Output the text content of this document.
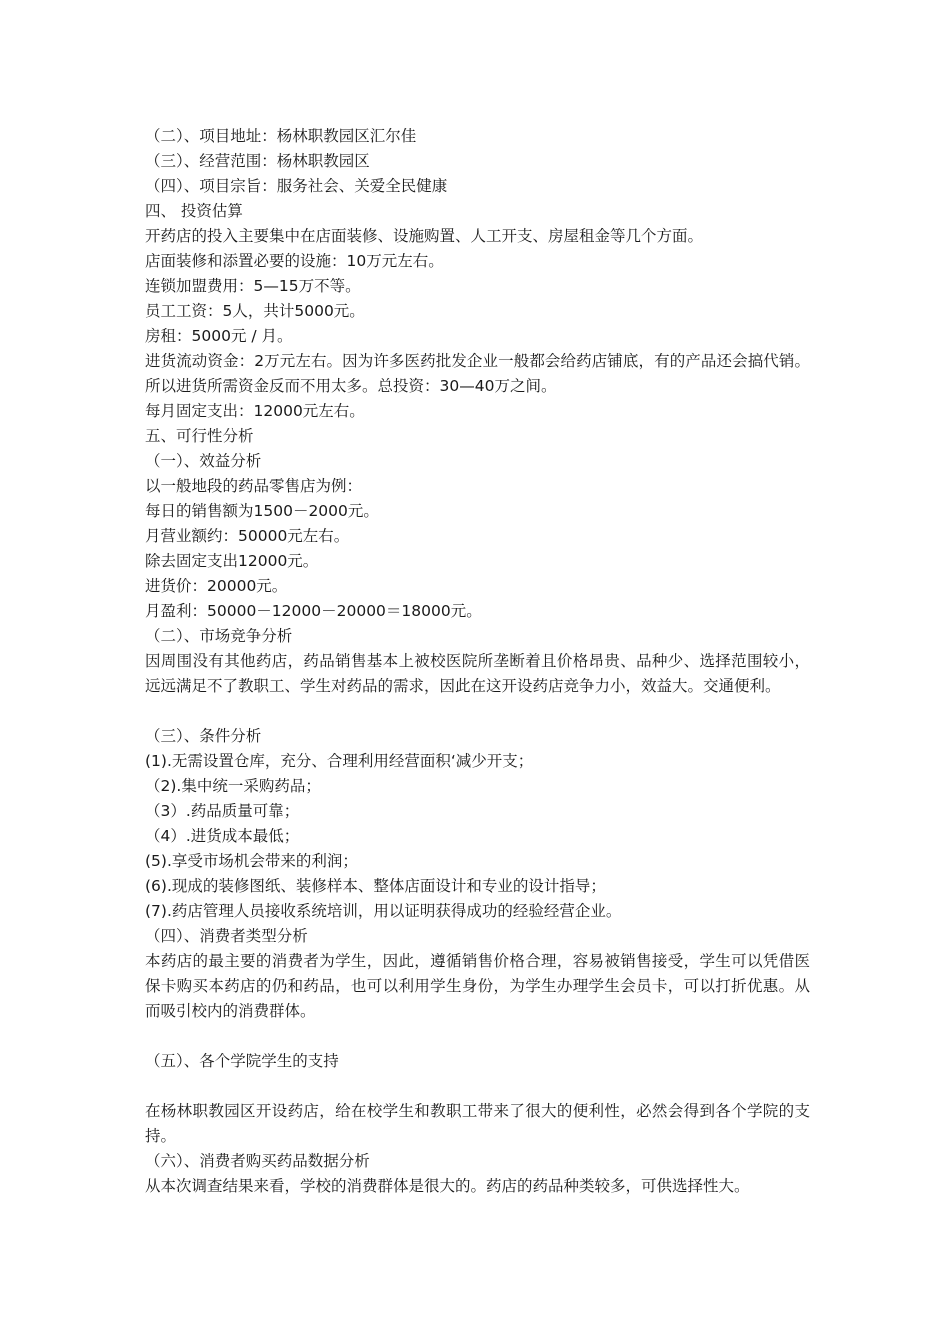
（二）、项目地址：杨林职教园区汇尔佳
（三）、经营范围：杨林职教园区
（四）、项目宗旨：服务社会、关爱全民健康
四、 投资估算
开药店的投入主要集中在店面装修、设施购置、人工开支、房屋租金等几个方面。
店面装修和添置必要的设施：10万元左右。
连锁加盟费用：5—15万不等。
员工工资：5人，共计5000元。
房租：5000元 / 月。
进货流动资金：2万元左右。因为许多医药批发企业一般都会给药店铺底，有的产品还会搞代销。所以进货所需资金反而不用太多。总投资：30—40万之间。
每月固定支出：12000元左右。
五、可行性分析
（一）、效益分析
以一般地段的药品零售店为例：
每日的销售额为1500－2000元。
月营业额约：50000元左右。
除去固定支出12000元。
进货价：20000元。
月盈利：50000－12000－20000＝18000元。
（二）、市场竞争分析
因周围没有其他药店，药品销售基本上被校医院所垄断着且价格昂贵、品种少、选择范围较小，远远满足不了教职工、学生对药品的需求，因此在这开设药店竞争力小，效益大。交通便利。
（三）、条件分析
(1).无需设置仓库，充分、合理利用经营面积‘减少开支；
（2).集中统一采购药品；
（3）.药品质量可靠；
（4）.进货成本最低；
(5).享受市场机会带来的利润；
(6).现成的装修图纸、装修样本、整体店面设计和专业的设计指导；
(7).药店管理人员接收系统培训，用以证明获得成功的经验经营企业。
（四）、消费者类型分析
本药店的最主要的消费者为学生，因此，遵循销售价格合理，容易被销售接受，学生可以凭借医保卡购买本药店的仍和药品，也可以利用学生身份，为学生办理学生会员卡，可以打折优惠。从而吸引校内的消费群体。
（五）、各个学院学生的支持
在杨林职教园区开设药店，给在校学生和教职工带来了很大的便利性，必然会得到各个学院的支持。
（六）、消费者购买药品数据分析
从本次调查结果来看，学校的消费群体是很大的。药店的药品种类较多，可供选择性大。
